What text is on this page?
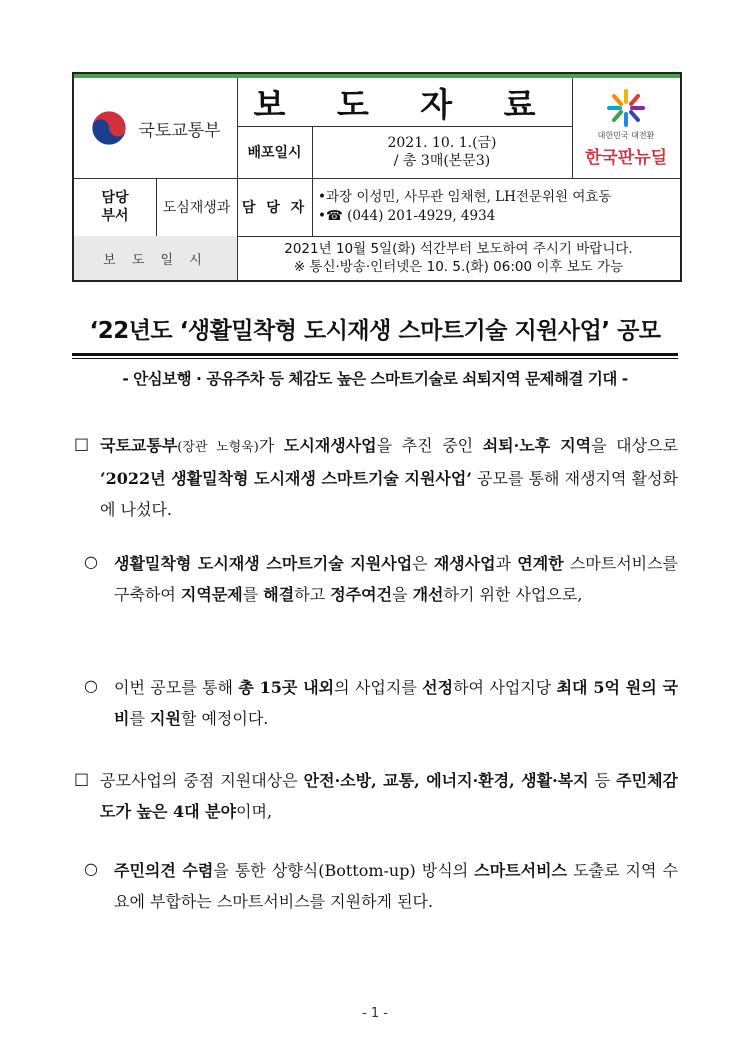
국토교통부
보 도 자 료
배포일시
2021. 10. 1.(금)
/ 총 3매(본문3)
대한민국 대전환
한국판뉴딜
담당
부서	도심재생과 담 당 자
•과장 이성민, 사무관 임채현, LH전문위원 여효동
•☎ (044) 201-4929, 4934
보 도 일 시
2021년 10월 5일(화) 석간부터 보도하여 주시기 바랍니다.
※ 통신·방송·인터넷은 10. 5.(화) 06:00 이후 보도 가능
‘22년도 ‘생활밀착형 도시재생 스마트기술 지원사업’ 공모
- 안심보행 · 공유주차 등 체감도 높은 스마트기술로 쇠퇴지역 문제해결 기대 -
□ 국토교통부(장관 노형욱)가 도시재생사업을 추진 중인 쇠퇴·노후 지역을 대상으로 ‘2022년 생활밀착형 도시재생 스마트기술 지원사업’ 공모를 통해 재생지역 활성화에 나섰다.
○ 생활밀착형 도시재생 스마트기술 지원사업은 재생사업과 연계한 스마트서비스를 구축하여 지역문제를 해결하고 정주여건을 개선하기 위한 사업으로,
○ 이번 공모를 통해 총 15곳 내외의 사업지를 선정하여 사업지당 최대 5억 원의 국비를 지원할 예정이다.
□ 공모사업의 중점 지원대상은 안전·소방, 교통, 에너지·환경, 생활·복지 등 주민체감도가 높은 4대 분야이며,
○ 주민의견 수렴을 통한 상향식(Bottom-up) 방식의 스마트서비스 도출로 지역 수요에 부합하는 스마트서비스를 지원하게 된다.
- 1 -
